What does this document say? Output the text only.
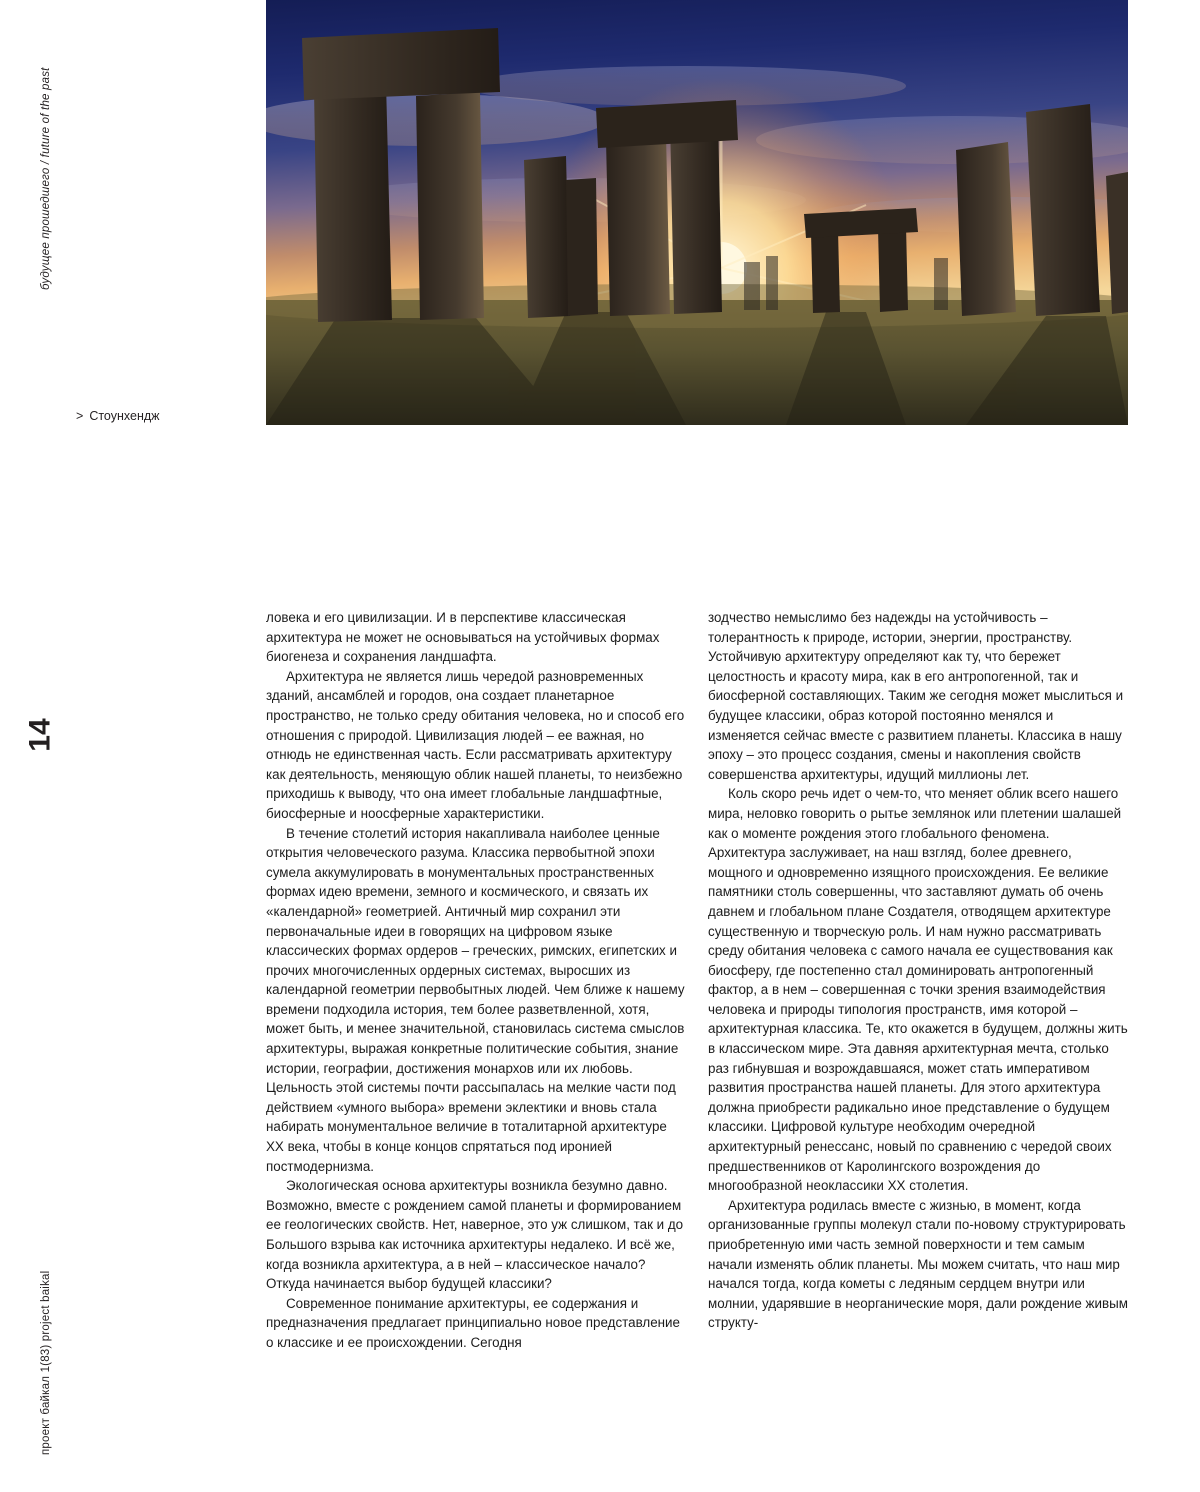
будущее прошедшего / future of the past
проект байкал 1(83) project baikal
14
> Стоунхендж

ловека и его цивилизации. И в перспективе классическая архитектура не может не основываться на устойчивых формах биогенеза и сохранения ландшафта.

Архитектура не является лишь чередой разновременных зданий, ансамблей и городов, она создает планетарное пространство, не только среду обитания человека, но и способ его отношения с природой. Цивилизация людей – ее важная, но отнюдь не единственная часть. Если рассматривать архитектуру как деятельность, меняющую облик нашей планеты, то неизбежно приходишь к выводу, что она имеет глобальные ландшафтные, биосферные и ноосферные характеристики.

В течение столетий история накапливала наиболее ценные открытия человеческого разума. Классика первобытной эпохи сумела аккумулировать в монументальных пространственных формах идею времени, земного и космического, и связать их «календарной» геометрией. Античный мир сохранил эти первоначальные идеи в говорящих на цифровом языке классических формах ордеров – греческих, римских, египетских и прочих многочисленных ордерных системах, выросших из календарной геометрии первобытных людей. Чем ближе к нашему времени подходила история, тем более разветвленной, хотя, может быть, и менее значительной, становилась система смыслов архитектуры, выражая конкретные политические события, знание истории, географии, достижения монархов или их любовь. Цельность этой системы почти рассыпалась на мелкие части под действием «умного выбора» времени эклектики и вновь стала набирать монументальное величие в тоталитарной архитектуре XX века, чтобы в конце концов спрятаться под иронией постмодернизма.

Экологическая основа архитектуры возникла безумно давно. Возможно, вместе с рождением самой планеты и формированием ее геологических свойств. Нет, наверное, это уж слишком, так и до Большого взрыва как источника архитектуры недалеко. И всё же, когда возникла архитектура, а в ней – классическое начало? Откуда начинается выбор будущей классики?

Современное понимание архитектуры, ее содержания и предназначения предлагает принципиально новое представление о классике и ее происхождении. Сегодня

зодчество немыслимо без надежды на устойчивость – толерантность к природе, истории, энергии, пространству. Устойчивую архитектуру определяют как ту, что бережет целостность и красоту мира, как в его антропогенной, так и биосферной составляющих. Таким же сегодня может мыслиться и будущее классики, образ которой постоянно менялся и изменяется сейчас вместе с развитием планеты. Классика в нашу эпоху – это процесс создания, смены и накопления свойств совершенства архитектуры, идущий миллионы лет.

Коль скоро речь идет о чем-то, что меняет облик всего нашего мира, неловко говорить о рытье землянок или плетении шалашей как о моменте рождения этого глобального феномена. Архитектура заслуживает, на наш взгляд, более древнего, мощного и одновременно изящного происхождения. Ее великие памятники столь совершенны, что заставляют думать об очень давнем и глобальном плане Создателя, отводящем архитектуре существенную и творческую роль. И нам нужно рассматривать среду обитания человека с самого начала ее существования как биосферу, где постепенно стал доминировать антропогенный фактор, а в нем – совершенная с точки зрения взаимодействия человека и природы типология пространств, имя которой – архитектурная классика. Те, кто окажется в будущем, должны жить в классическом мире. Эта давняя архитектурная мечта, столько раз гибнувшая и возрождавшаяся, может стать императивом развития пространства нашей планеты. Для этого архитектура должна приобрести радикально иное представление о будущем классики. Цифровой культуре необходим очередной архитектурный ренессанс, новый по сравнению с чередой своих предшественников от Каролингского возрождения до многообразной неоклассики XX столетия.

Архитектура родилась вместе с жизнью, в момент, когда организованные группы молекул стали по-новому структурировать приобретенную ими часть земной поверхности и тем самым начали изменять облик планеты. Мы можем считать, что наш мир начался тогда, когда кометы с ледяным сердцем внутри или молнии, ударявшие в неорганические моря, дали рождение живым структу-
